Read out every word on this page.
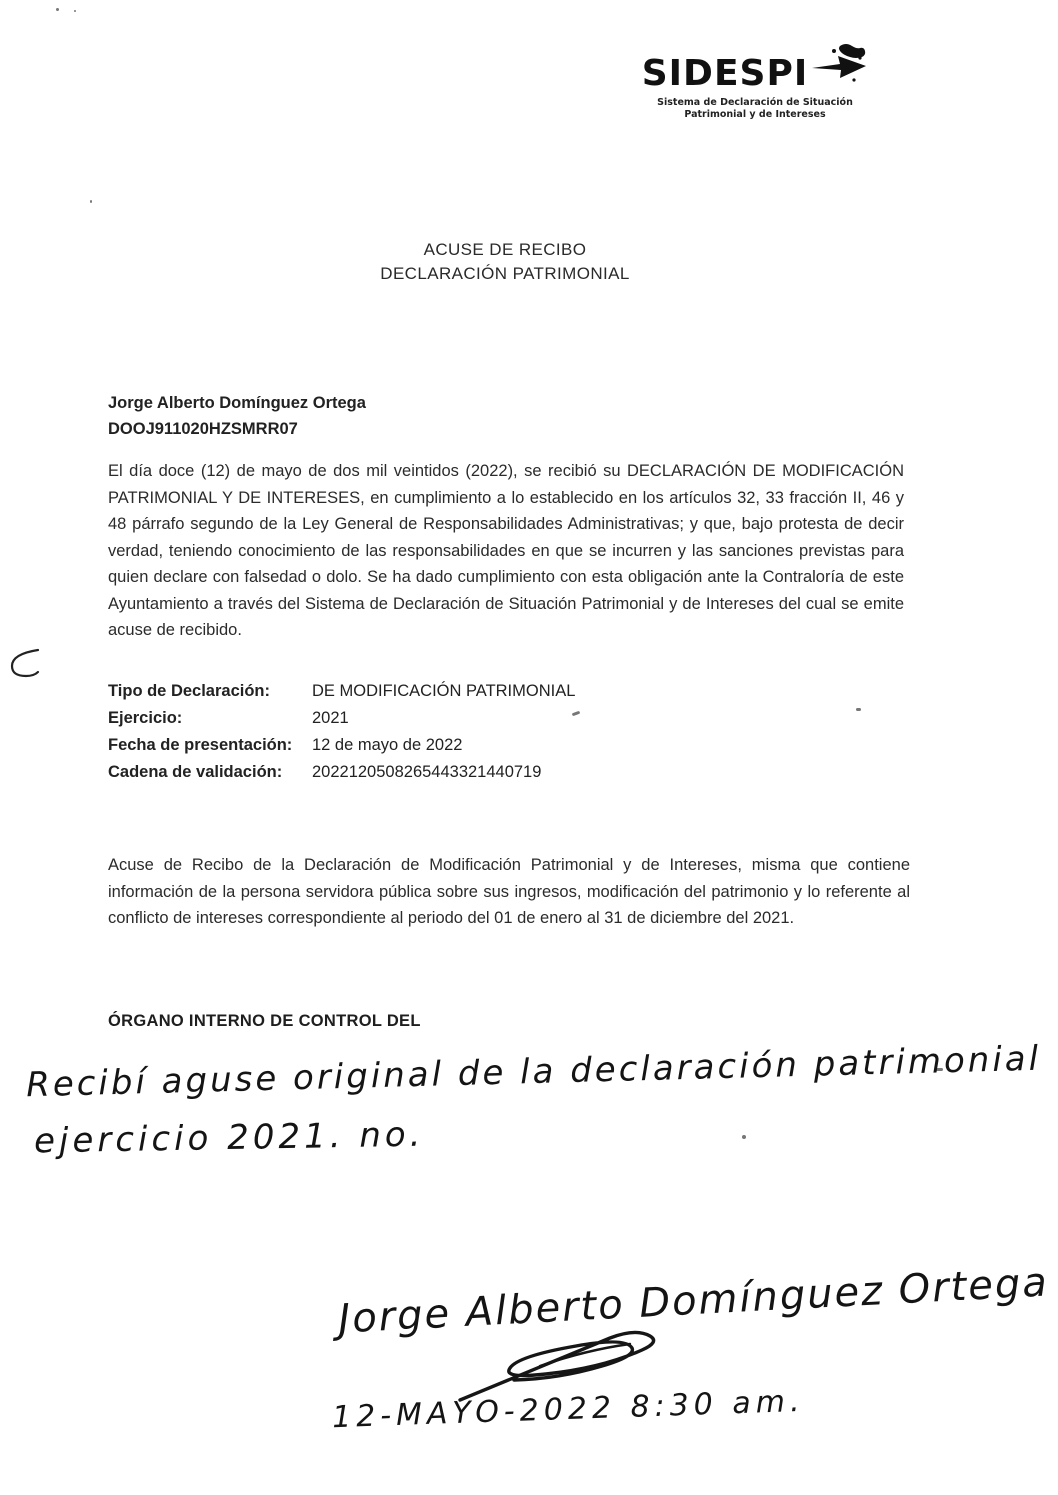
SIDESPI
Sistema de Declaración de Situación
Patrimonial y de Intereses
ACUSE DE RECIBO
DECLARACIÓN PATRIMONIAL
Jorge Alberto Domínguez Ortega
DOOJ911020HZSMRR07
El día doce (12) de mayo de dos mil veintidos (2022), se recibió su DECLARACIÓN DE MODIFICACIÓN PATRIMONIAL Y DE INTERESES, en cumplimiento a lo establecido en los artículos 32, 33 fracción II, 46 y 48 párrafo segundo de la Ley General de Responsabilidades Administrativas; y que, bajo protesta de decir verdad, teniendo conocimiento de las responsabilidades en que se incurren y las sanciones previstas para quien declare con falsedad o dolo. Se ha dado cumplimiento con esta obligación ante la Contraloría de este Ayuntamiento a través del Sistema de Declaración de Situación Patrimonial y de Intereses del cual se emite acuse de recibido.
Tipo de Declaración:	DE MODIFICACIÓN PATRIMONIAL
Ejercicio:	2021
Fecha de presentación:	12 de mayo de 2022
Cadena de validación:	2022120508265443321440719
Acuse de Recibo de la Declaración de Modificación Patrimonial y de Intereses, misma que contiene información de la persona servidora pública sobre sus ingresos, modificación del patrimonio y lo referente al conflicto de intereses correspondiente al periodo del 01 de enero al 31 de diciembre del 2021.
ÓRGANO INTERNO DE CONTROL DEL
Recibí aguse original de la declaración patrimonial
ejercicio 2021. no.
Jorge Alberto Domínguez Ortega
12-MAYO-2022 8:30 am.
